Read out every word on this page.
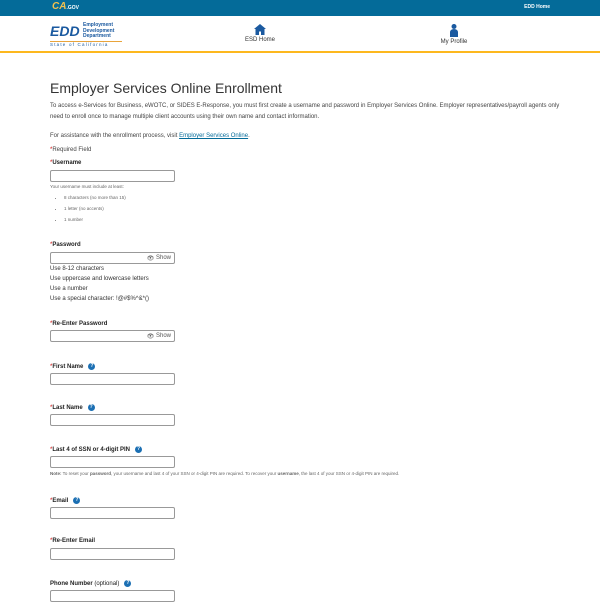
CA.GOV	EDD Home
EDD Employment
Development
Department
State of California
ESD Home	My Profile
Employer Services Online Enrollment

To access e-Services for Business, eWOTC, or SIDES E-Response, you must first create a username and password in Employer Services Online. Employer representatives/payroll agents only need to enroll once to manage multiple client accounts using their own name and contact information.

For assistance with the enrollment process, visit Employer Services Online.

*Required Field

*Username
Your username must include at least:
• 8 characters (no more than 15)
• 1 letter (no accents)
• 1 number
*Password
👁 Show
Use 8-12 characters
Use uppercase and lowercase letters
Use a number
Use a special character: !@#$%^&*()
*Re-Enter Password
👁 Show
*First Name ?
*Last Name ?
*Last 4 of SSN or 4-digit PIN ?
Note: To reset your password, your username and last 4 of your SSN or 4-digit PIN are required. To recover your username, the last 4 of your SSN or 4-digit PIN are required.
*Email ?
*Re-Enter Email
Phone Number (optional) ?
